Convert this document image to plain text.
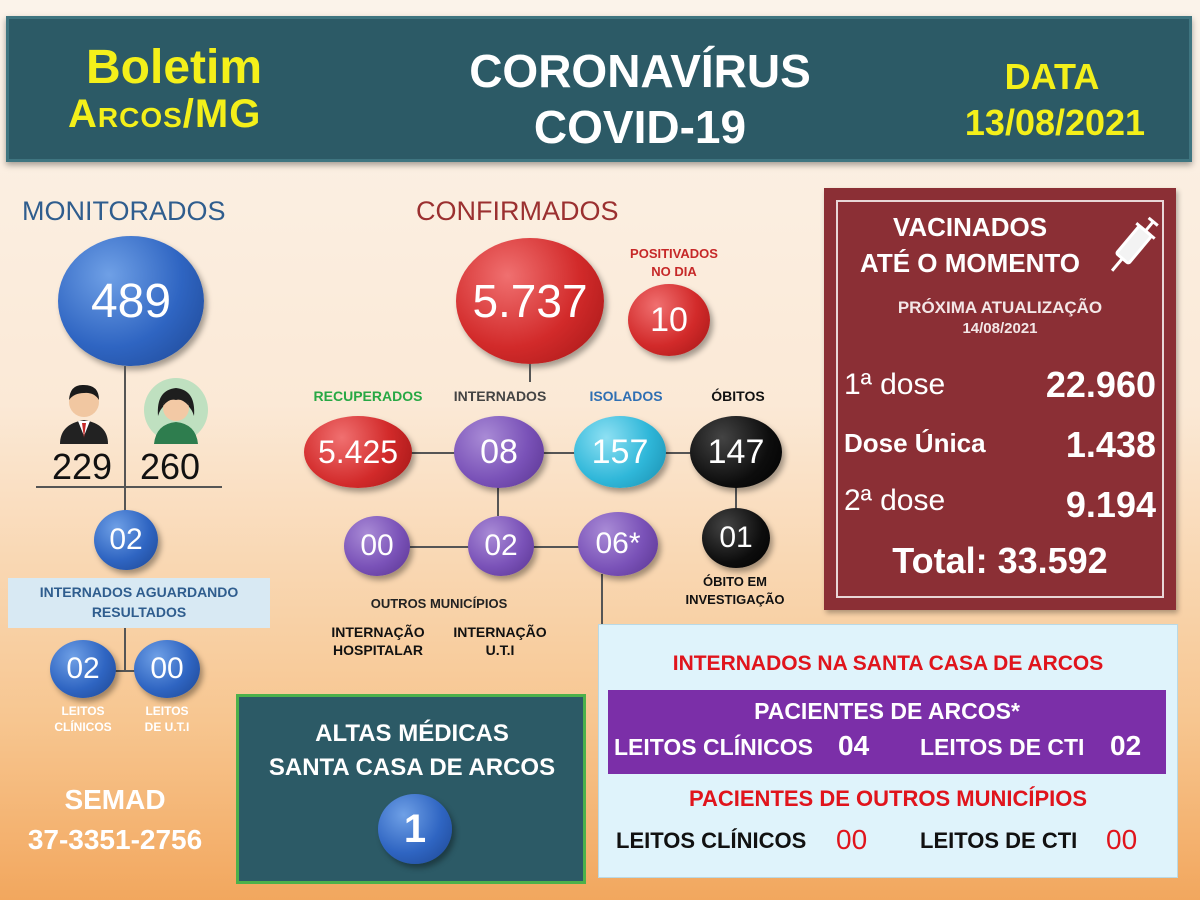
Boletim
Arcos/MG
CORONAVÍRUS
COVID-19
DATA
13/08/2021
MONITORADOS
489
229 260
02
INTERNADOS AGUARDANDO
RESULTADOS
02	00
LEITOS
CLÍNICOS
LEITOS
DE U.T.I
SEMAD
37-3351-2756
CONFIRMADOS
5.737
POSITIVADOS
NO DIA
10
RECUPERADOS	INTERNADOS	ISOLADOS	ÓBITOS
5.425	08	157	147
00	02	06*	01
ÓBITO EM
INVESTIGAÇÃO
OUTROS MUNICÍPIOS
INTERNAÇÃO
HOSPITALAR
INTERNAÇÃO
U.T.I
VACINADOS
ATÉ O MOMENTO
PRÓXIMA ATUALIZAÇÃO
14/08/2021
1ª dose	22.960
Dose Única	1.438
2ª dose	9.194
Total: 33.592
ALTAS MÉDICAS
SANTA CASA DE ARCOS
1
INTERNADOS NA SANTA CASA DE ARCOS
PACIENTES DE ARCOS*
LEITOS CLÍNICOS 04	LEITOS DE CTI 02
PACIENTES DE OUTROS MUNICÍPIOS
LEITOS CLÍNICOS	00	LEITOS DE CTI	00
